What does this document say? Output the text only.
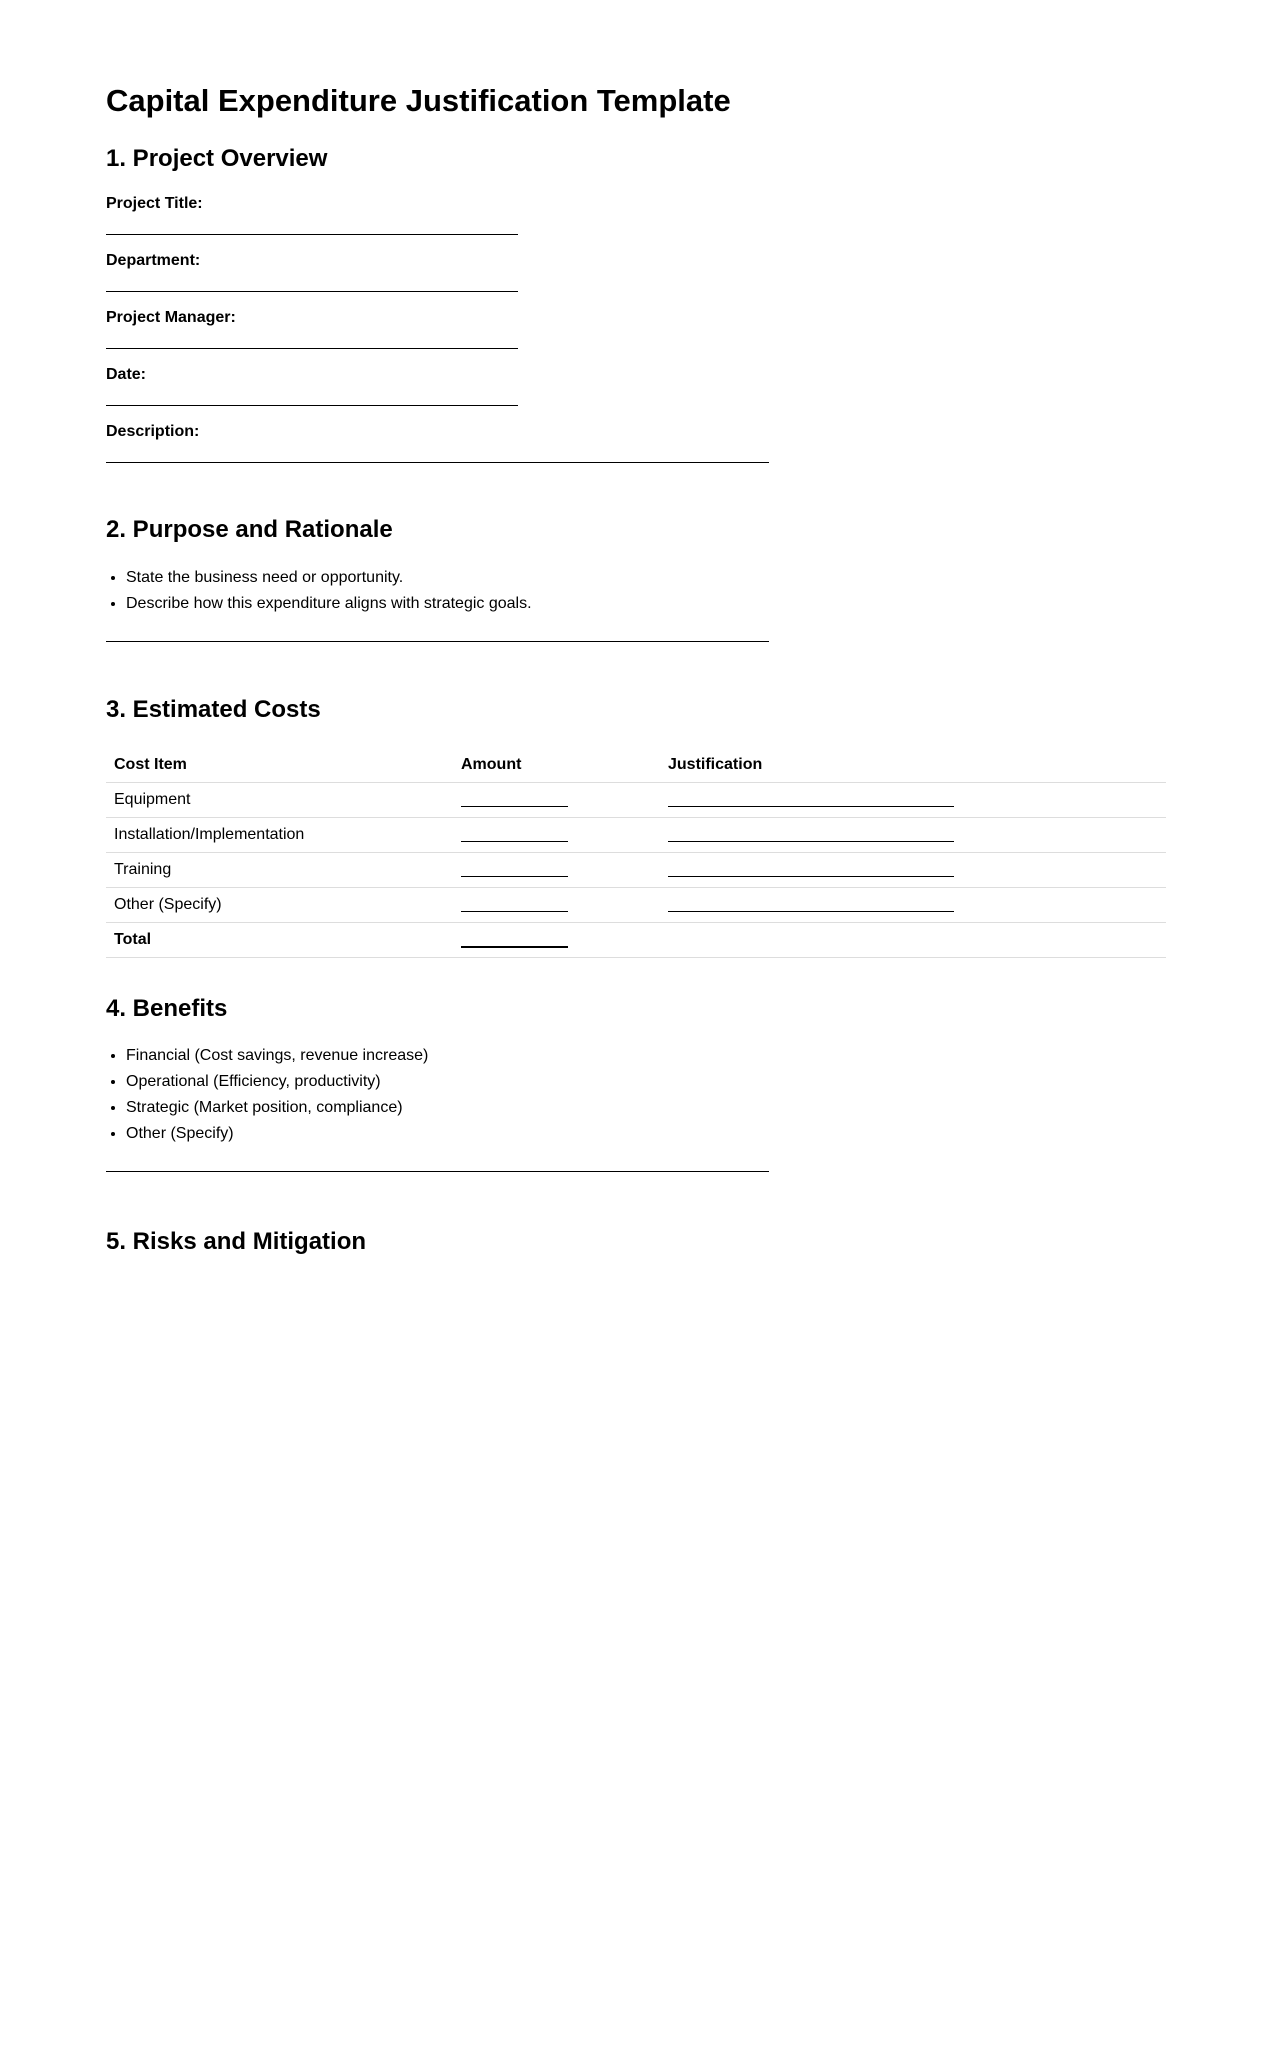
Capital Expenditure Justification Template
1. Project Overview
Project Title:
Department:
Project Manager:
Date:
Description:
2. Purpose and Rationale
• State the business need or opportunity.
• Describe how this expenditure aligns with strategic goals.
3. Estimated Costs
Cost Item	Amount	Justification
Equipment		
Installation/Implementation		
Training		
Other (Specify)		
Total		
4. Benefits
• Financial (Cost savings, revenue increase)
• Operational (Efficiency, productivity)
• Strategic (Market position, compliance)
• Other (Specify)
5. Risks and Mitigation
